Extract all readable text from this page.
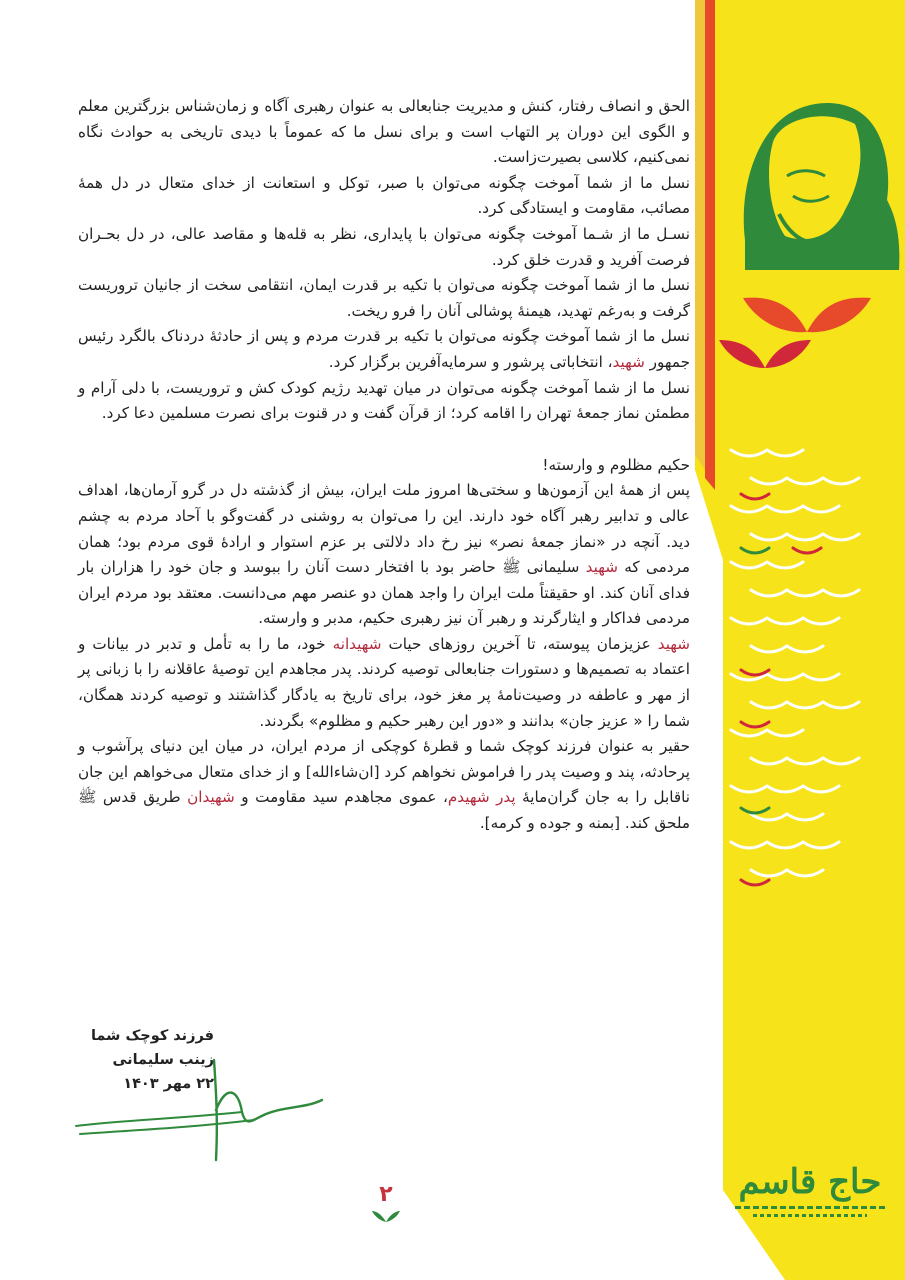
الحق و انصاف رفتار، کنش و مدیریت جنابعالی به عنوان رهبری آگاه و زمان‌شناس بزرگترین معلم و الگوی این دوران پر التهاب است و برای نسل ما که عموماً با دیدی تاریخی به حوادث نگاه نمی‌کنیم، کلاسی بصیرت‌زاست.

نسل ما از شما آموخت چگونه می‌توان با صبر، توکل و استعانت از خدای متعال در دل همهٔ مصائب، مقاومت و ایستادگی کرد.

نسـل ما از شـما آموخت چگونه می‌توان با پایداری، نظر به قله‌ها و مقاصد عالی، در دل بحـران فرصت آفرید و قدرت خلق کرد.

نسل ما از شما آموخت چگونه می‌توان با تکیه بر قدرت ایمان، انتقامی سخت از جانیان تروریست گرفت و به‌رغم تهدید، هیمنهٔ پوشالی آنان را فرو ریخت.

نسل ما از شما آموخت چگونه می‌توان با تکیه بر قدرت مردم و پس از حادثهٔ دردناک بالگرد رئیس جمهور شهید، انتخاباتی پرشور و سرمایه‌آفرین برگزار کرد.

نسل ما از شما آموخت چگونه می‌توان در میان تهدید رژیم کودک کش و تروریست، با دلی آرام و مطمئن نماز جمعهٔ تهران را اقامه کرد؛ از قرآن گفت و در قنوت برای نصرت مسلمین دعا کرد.

حکیم مظلوم و وارسته!

پس از همهٔ این آزمون‌ها و سختی‌ها امروز ملت ایران، بیش از گذشته دل در گرو آرمان‌ها، اهداف عالی و تدابیر رهبر آگاه خود دارند. این را می‌توان به روشنی در گفت‌وگو با آحاد مردم به چشم دید. آنچه در «نماز جمعهٔ نصر» نیز رخ داد دلالتی بر عزم استوار و ارادهٔ قوی مردم بود؛ همان مردمی که شهید سلیمانی ﷺ حاضر بود با افتخار دست آنان را ببوسد و جان خود را هزاران بار فدای آنان کند. او حقیقتاً ملت ایران را واجد همان دو عنصر مهم می‌دانست. معتقد بود مردم ایران مردمی فداکار و ایثارگرند و رهبر آن نیز رهبری حکیم، مدبر و وارسته.

شهید عزیزمان پیوسته، تا آخرین روزهای حیات شهیدانه خود، ما را به تأمل و تدبر در بیانات و اعتماد به تصمیم‌ها و دستورات جنابعالی توصیه کردند. پدر مجاهدم این توصیهٔ عاقلانه را با زبانی پر از مهر و عاطفه در وصیت‌نامهٔ پر مغز خود، برای تاریخ به یادگار گذاشتند و توصیه کردند همگان، شما را « عزیز جان» بدانند و «دور این رهبر حکیم و مظلوم» بگردند.

حقیر به عنوان فرزند کوچک شما و قطرهٔ کوچکی از مردم ایران، در میان این دنیای پرآشوب و پرحادثه، پند و وصیت پدر را فراموش نخواهم کرد [ان‌شاءالله] و از خدای متعال می‌خواهم این جان ناقابل را به جان گران‌مایهٔ پدر شهیدم، عموی مجاهدم سید مقاومت و شهیدان طریق قدس ﷺ ملحق کند. [بمنه و جوده و کرمه].

فرزند کوچک شما
زینب سلیمانی
۲۲ مهر ۱۴۰۳
۲	حاج قاسم
